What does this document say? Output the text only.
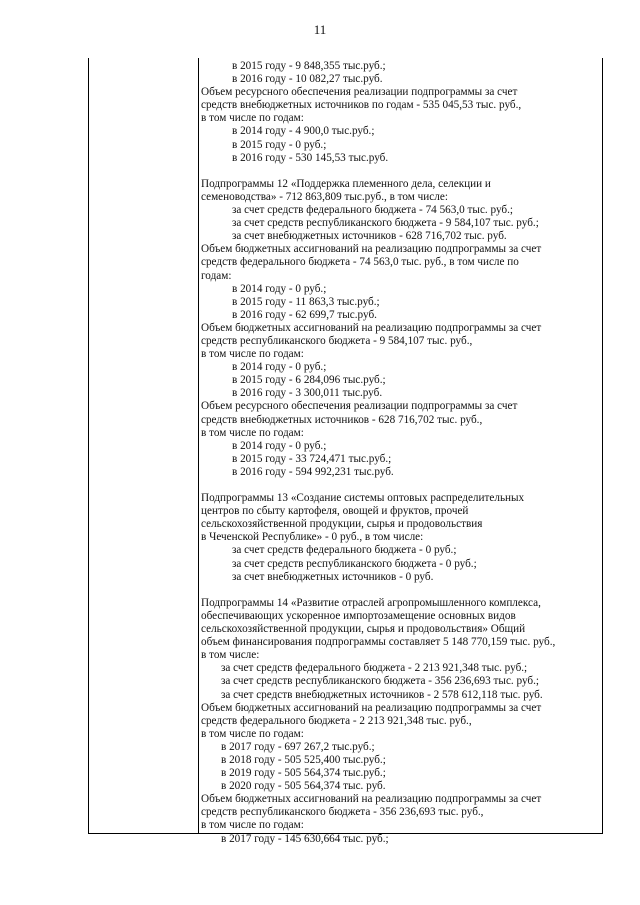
11
в 2015 году - 9 848,355 тыс.руб.;
в 2016 году - 10 082,27 тыс.руб.
Объем ресурсного обеспечения реализации подпрограммы за счет
средств внебюджетных источников по годам - 535 045,53 тыс. руб.,
в том числе по годам:
в 2014 году - 4 900,0 тыс.руб.;
в 2015 году - 0 руб.;
в 2016 году - 530 145,53 тыс.руб.
Подпрограммы 12 «Поддержка племенного дела, селекции и
семеноводства» - 712 863,809 тыс.руб., в том числе:
за счет средств федерального бюджета - 74 563,0 тыс. руб.;
за счет средств республиканского бюджета - 9 584,107 тыс. руб.;
за счет внебюджетных источников - 628 716,702 тыс. руб.
Объем бюджетных ассигнований на реализацию подпрограммы за счет
средств федерального бюджета - 74 563,0 тыс. руб., в том числе по
годам:
в 2014 году - 0 руб.;
в 2015 году - 11 863,3 тыс.руб.;
в 2016 году - 62 699,7 тыс.руб.
Объем бюджетных ассигнований на реализацию подпрограммы за счет
средств республиканского бюджета - 9 584,107 тыс. руб.,
в том числе по годам:
в 2014 году - 0 руб.;
в 2015 году - 6 284,096 тыс.руб.;
в 2016 году - 3 300,011 тыс.руб.
Объем ресурсного обеспечения реализации подпрограммы за счет
средств внебюджетных источников - 628 716,702 тыс. руб.,
в том числе по годам:
в 2014 году - 0 руб.;
в 2015 году - 33 724,471 тыс.руб.;
в 2016 году - 594 992,231 тыс.руб.
Подпрограммы 13 «Создание системы оптовых распределительных
центров по сбыту картофеля, овощей и фруктов, прочей
сельскохозяйственной продукции, сырья и продовольствия
в Чеченской Республике» - 0 руб., в том числе:
за счет средств федерального бюджета - 0 руб.;
за счет средств республиканского бюджета - 0 руб.;
за счет внебюджетных источников - 0 руб.
Подпрограммы 14 «Развитие отраслей агропромышленного комплекса,
обеспечивающих ускоренное импортозамещение основных видов
сельскохозяйственной продукции, сырья и продовольствия» Общий
объем финансирования подпрограммы составляет 5 148 770,159 тыс. руб.,
в том числе:
за счет средств федерального бюджета - 2 213 921,348 тыс. руб.;
за счет средств республиканского бюджета - 356 236,693 тыс. руб.;
за счет средств внебюджетных источников - 2 578 612,118 тыс. руб.
Объем бюджетных ассигнований на реализацию подпрограммы за счет
средств федерального бюджета - 2 213 921,348 тыс. руб.,
в том числе по годам:
в 2017 году - 697 267,2 тыс.руб.;
в 2018 году - 505 525,400 тыс.руб.;
в 2019 году - 505 564,374 тыс.руб.;
в 2020 году - 505 564,374 тыс. руб.
Объем бюджетных ассигнований на реализацию подпрограммы за счет
средств республиканского бюджета - 356 236,693 тыс. руб.,
в том числе по годам:
в 2017 году - 145 630,664 тыс. руб.;
